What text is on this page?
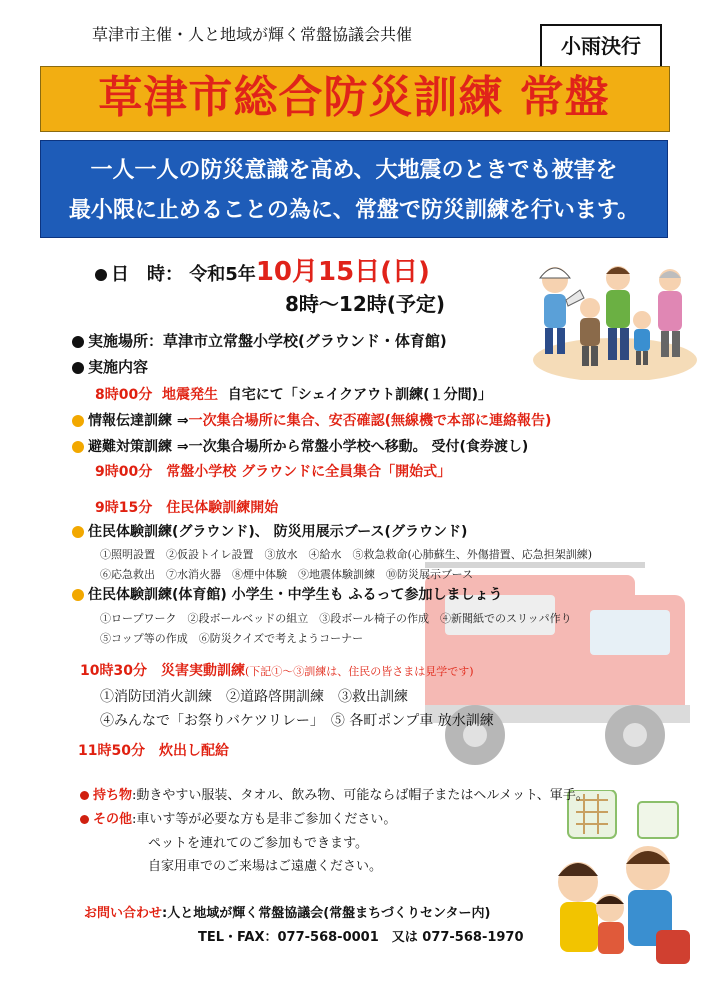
草津市主催・人と地域が輝く常盤協議会共催	小雨決行
草津市総合防災訓練 常盤
一人一人の防災意識を高め、大地震のときでも被害を
最小限に止めることの為に、常盤で防災訓練を行います。
日　時： 令和5年10月15日(日)
8時～12時(予定)
実施場所：草津市立常盤小学校(グラウンド・体育館)
実施内容
8時00分 地震発生 自宅にて「シェイクアウト訓練(１分間)」
情報伝達訓練 ⇒一次集合場所に集合、安否確認(無線機で本部に連絡報告)
避難対策訓練 ⇒一次集合場所から常盤小学校へ移動。 受付(食券渡し)
9時00分　常盤小学校 グラウンドに全員集合「開始式」
9時15分　住民体験訓練開始
住民体験訓練(グラウンド)、 防災用展示ブース(グラウンド)
①照明設置　②仮設トイレ設置　③放水　④給水　⑤救急救命(心肺蘇生、外傷措置、応急担架訓練)
⑥応急救出　⑦水消火器　⑧煙中体験　⑨地震体験訓練　⑩防災展示ブース
住民体験訓練(体育館) 小学生・中学生も ふるって参加しましょう
①ロープワーク　②段ボールベッドの組立　③段ボール椅子の作成　④新聞紙でのスリッパ作り
⑤コップ等の作成　⑥防災クイズで考えようコーナー
10時30分　災害実動訓練(下記①～③訓練は、住民の皆さまは見学です)
①消防団消火訓練　②道路啓開訓練　③救出訓練
④みんなで「お祭りバケツリレー」　⑤ 各町ポンプ車 放水訓練
11時50分　炊出し配給
持ち物:動きやすい服装、タオル、飲み物、可能ならば帽子またはヘルメット、軍手。
その他:車いす等が必要な方も是非ご参加ください。
ペットを連れてのご参加もできます。
自家用車でのご来場はご遠慮ください。
お問い合わせ:人と地域が輝く常盤協議会(常盤まちづくりセンター内)
TEL・FAX：077-568-0001　又は 077-568-1970
